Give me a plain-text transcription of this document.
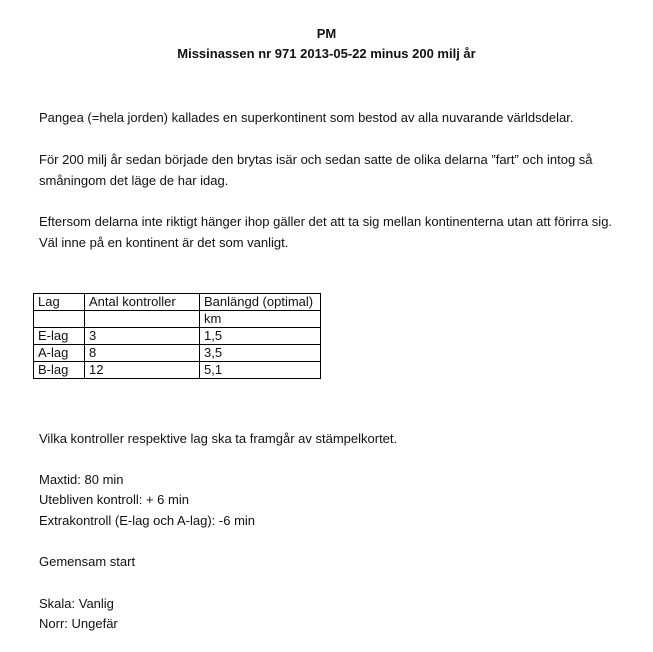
PM
Missinassen nr 971 2013-05-22 minus 200 milj år
Pangea (=hela jorden) kallades en superkontinent som bestod av alla nuvarande världsdelar.
För 200 milj år sedan började den brytas isär och sedan satte de olika delarna ”fart” och intog så
småningom det läge de har idag.
Eftersom delarna inte riktigt hänger ihop gäller det att ta sig mellan kontinenterna utan att förirra sig.
Väl inne på en kontinent är det som vanligt.
Lag	Antal kontroller	Banlängd (optimal)
		km
E-lag	3	1,5
A-lag	8	3,5
B-lag	12	5,1
Vilka kontroller respektive lag ska ta framgår av stämpelkortet.
Maxtid: 80 min
Utebliven kontroll: + 6 min
Extrakontroll (E-lag och A-lag): -6 min
Gemensam start
Skala: Vanlig
Norr: Ungefär
